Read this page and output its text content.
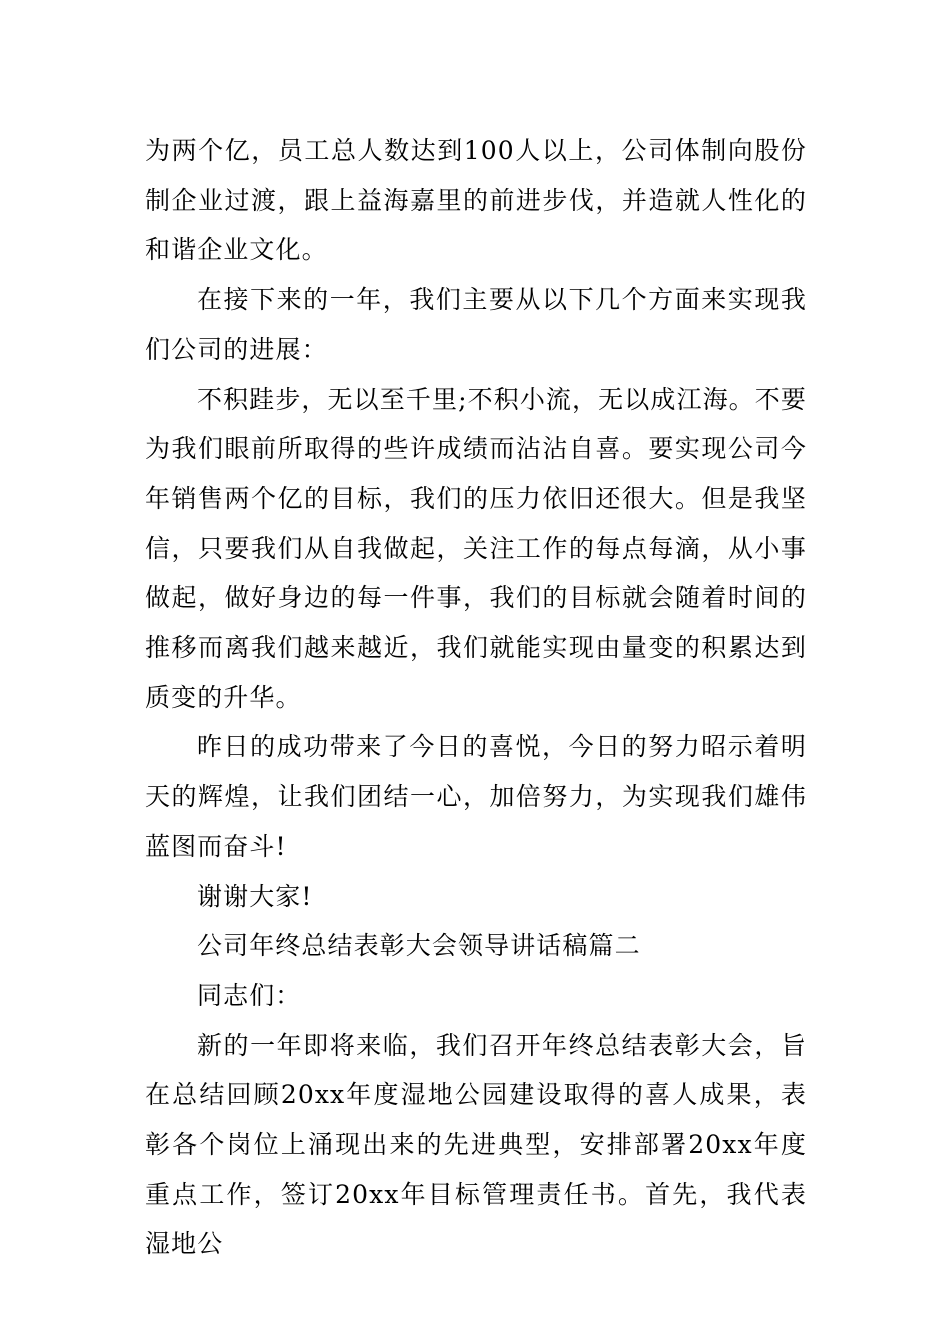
为两个亿，员工总人数达到100人以上，公司体制向股份制企业过渡，跟上益海嘉里的前进步伐，并造就人性化的和谐企业文化。

在接下来的一年，我们主要从以下几个方面来实现我们公司的进展：

不积跬步，无以至千里;不积小流，无以成江海。不要为我们眼前所取得的些许成绩而沾沾自喜。要实现公司今年销售两个亿的目标，我们的压力依旧还很大。但是我坚信，只要我们从自我做起，关注工作的每点每滴，从小事做起，做好身边的每一件事，我们的目标就会随着时间的推移而离我们越来越近，我们就能实现由量变的积累达到质变的升华。

昨日的成功带来了今日的喜悦，今日的努力昭示着明天的辉煌，让我们团结一心，加倍努力，为实现我们雄伟蓝图而奋斗!

谢谢大家!

公司年终总结表彰大会领导讲话稿篇二

同志们：

新的一年即将来临，我们召开年终总结表彰大会，旨在总结回顾20xx年度湿地公园建设取得的喜人成果，表彰各个岗位上涌现出来的先进典型，安排部署20xx年度重点工作，签订20xx年目标管理责任书。首先，我代表湿地公
